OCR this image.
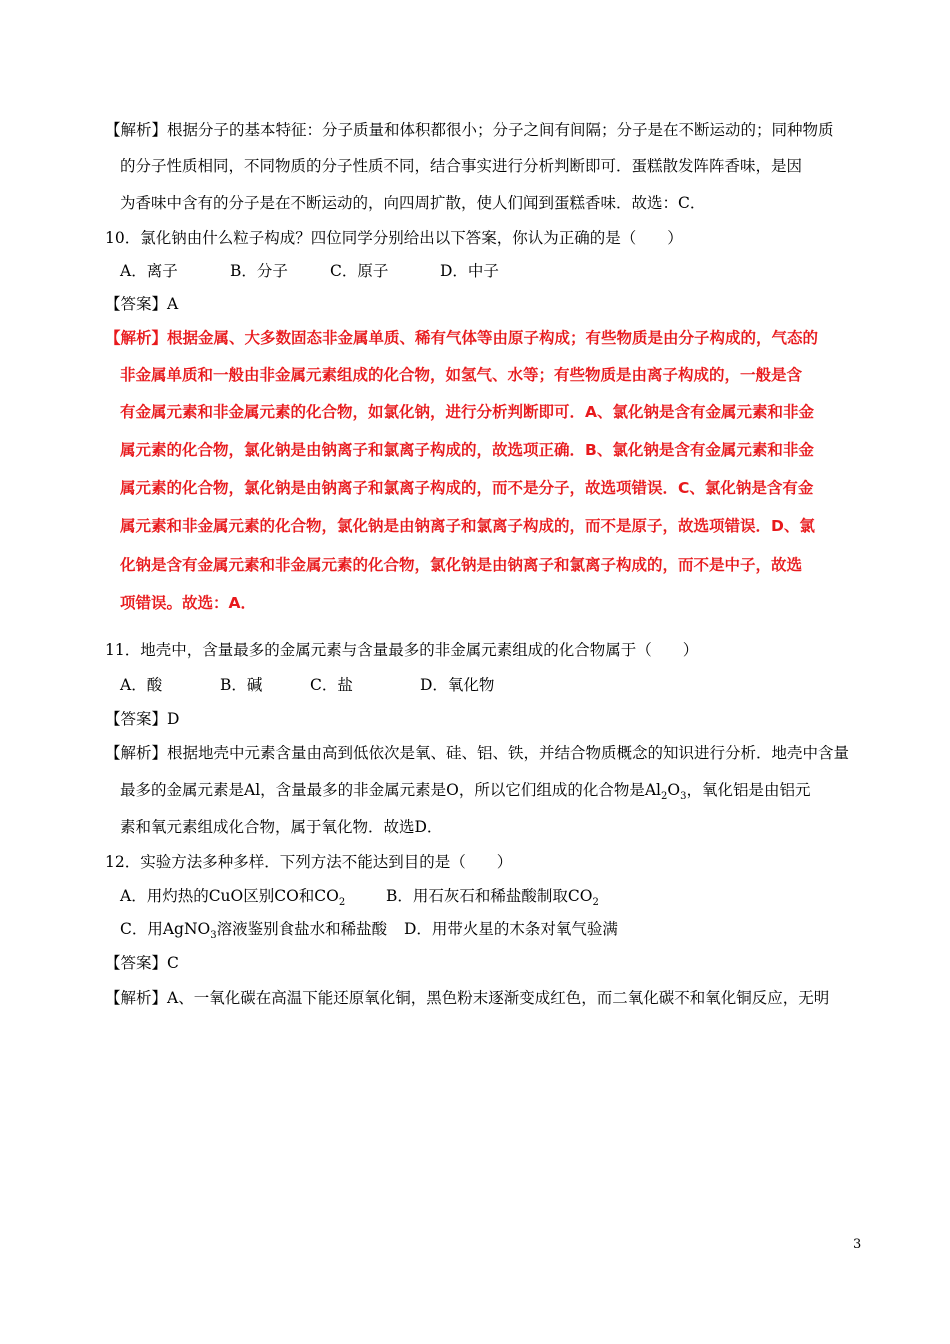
【解析】根据分子的基本特征：分子质量和体积都很小；分子之间有间隔；分子是在不断运动的；同种物质
的分子性质相同，不同物质的分子性质不同，结合事实进行分析判断即可．蛋糕散发阵阵香味，是因
为香味中含有的分子是在不断运动的，向四周扩散，使人们闻到蛋糕香味．故选：C．
10．氯化钠由什么粒子构成？四位同学分别给出以下答案，你认为正确的是（　　）
A．离子	B．分子	C．原子	D．中子
【答案】A
【解析】根据金属、大多数固态非金属单质、稀有气体等由原子构成；有些物质是由分子构成的，气态的
非金属单质和一般由非金属元素组成的化合物，如氢气、水等；有些物质是由离子构成的，一般是含
有金属元素和非金属元素的化合物，如氯化钠，进行分析判断即可．A、氯化钠是含有金属元素和非金
属元素的化合物，氯化钠是由钠离子和氯离子构成的，故选项正确．B、氯化钠是含有金属元素和非金
属元素的化合物，氯化钠是由钠离子和氯离子构成的，而不是分子，故选项错误．C、氯化钠是含有金
属元素和非金属元素的化合物，氯化钠是由钠离子和氯离子构成的，而不是原子，故选项错误．D、氯
化钠是含有金属元素和非金属元素的化合物，氯化钠是由钠离子和氯离子构成的，而不是中子，故选
项错误。故选：A．
11．地壳中，含量最多的金属元素与含量最多的非金属元素组成的化合物属于（　　）
A．酸	B．碱	C．盐	D．氧化物
【答案】D
【解析】根据地壳中元素含量由高到低依次是氧、硅、铝、铁，并结合物质概念的知识进行分析．地壳中含量
最多的金属元素是Al，含量最多的非金属元素是O，所以它们组成的化合物是$Al_2O_3$，氧化铝是由铝元
素和氧元素组成化合物，属于氧化物．故选D．
12．实验方法多种多样．下列方法不能达到目的是（　　）
A．用灼热的CuO区别CO和$CO_2$	B．用石灰石和稀盐酸制取$CO_2$
C．用AgNO$_3$溶液鉴别食盐水和稀盐酸 D．用带火星的木条对氧气验满
【答案】C
【解析】A、一氧化碳在高温下能还原氧化铜，黑色粉末逐渐变成红色，而二氧化碳不和氧化铜反应，无明
3
